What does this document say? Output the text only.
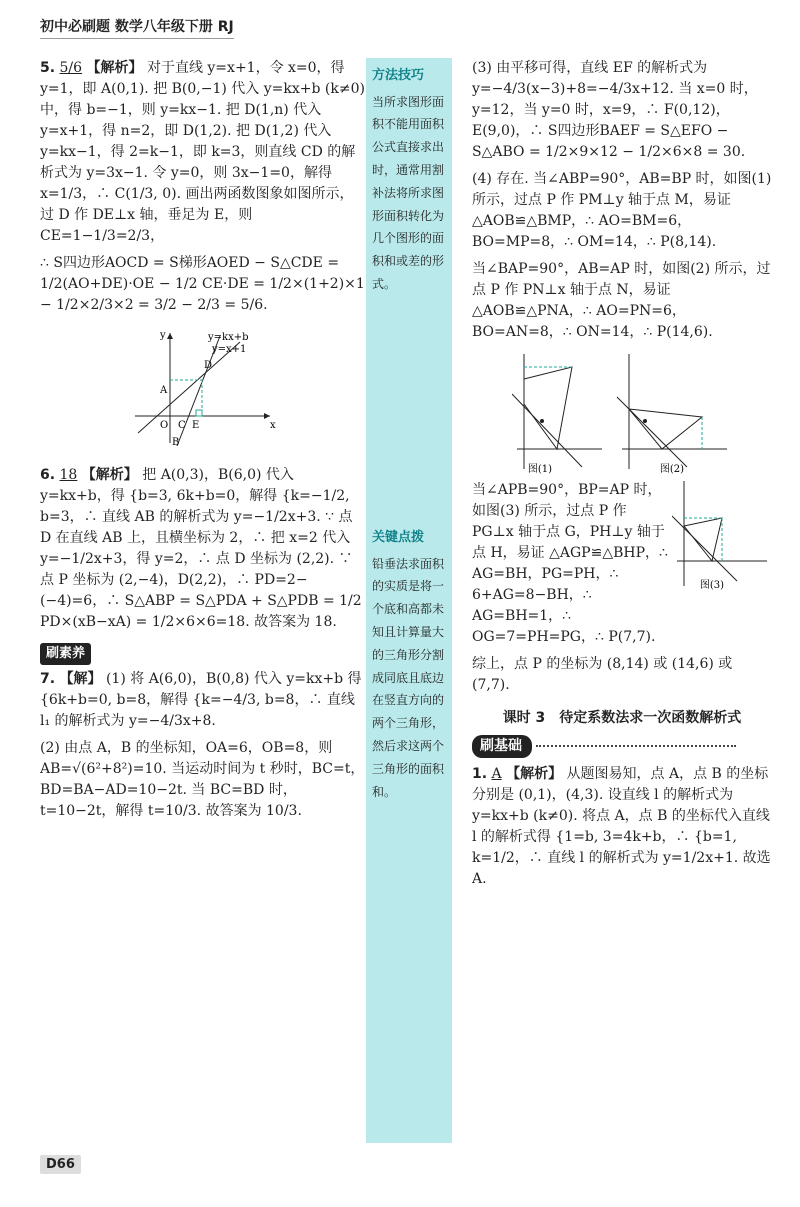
初中必刷题 数学八年级下册 RJ
5. 5/6 【解析】 对于直线 y=x+1，令 x=0，得 y=1，即 A(0,1). 把 B(0,−1) 代入 y=kx+b (k≠0) 中，得 b=−1，则 y=kx−1. 把 D(1,n) 代入 y=x+1，得 n=2，即 D(1,2). 把 D(1,2) 代入 y=kx−1，得 2=k−1，即 k=3，则直线 CD 的解析式为 y=3x−1. 令 y=0，则 3x−1=0，解得 x=1/3，∴ C(1/3, 0). 画出两函数图象如图所示，过 D 作 DE⊥x 轴，垂足为 E，则 CE=1−1/3=2/3，
∴ S四边形AOCD = S梯形AOED − S△CDE = 1/2(AO+DE)·OE − 1/2 CE·DE = 1/2×(1+2)×1 − 1/2×2/3×2 = 3/2 − 2/3 = 5/6.
y
x
y=kx+b
y=x+1
D
A
O C E
B
6. 18 【解析】 把 A(0,3)，B(6,0) 代入 y=kx+b，得 {b=3, 6k+b=0，解得 {k=−1/2, b=3，∴ 直线 AB 的解析式为 y=−1/2x+3. ∵ 点 D 在直线 AB 上，且横坐标为 2，∴ 把 x=2 代入 y=−1/2x+3，得 y=2，∴ 点 D 坐标为 (2,2). ∵ 点 P 坐标为 (2,−4)，D(2,2)，∴ PD=2−(−4)=6，∴ S△ABP = S△PDA + S△PDB = 1/2 PD×(xB−xA) = 1/2×6×6=18. 故答案为 18.
刷素养
7. 【解】 (1) 将 A(6,0)，B(0,8) 代入 y=kx+b 得 {6k+b=0, b=8，解得 {k=−4/3, b=8，∴ 直线 l₁ 的解析式为 y=−4/3x+8.
(2) 由点 A，B 的坐标知，OA=6，OB=8，则 AB=√(6²+8²)=10. 当运动时间为 t 秒时，BC=t，BD=BA−AD=10−2t. 当 BC=BD 时，t=10−2t，解得 t=10/3. 故答案为 10/3.
方法技巧
当所求图形面积不能用面积公式直接求出时，通常用割补法将所求图形面积转化为几个图形的面积和或差的形式。
关键点拨
铅垂法求面积的实质是将一个底和高都未知且计算量大的三角形分割成同底且底边在竖直方向的两个三角形，然后求这两个三角形的面积和。
(3) 由平移可得，直线 EF 的解析式为 y=−4/3(x−3)+8=−4/3x+12. 当 x=0 时，y=12，当 y=0 时，x=9，∴ F(0,12)，E(9,0)，∴ S四边形BAEF = S△EFO − S△ABO = 1/2×9×12 − 1/2×6×8 = 30.
(4) 存在. 当∠ABP=90°，AB=BP 时，如图(1) 所示，过点 P 作 PM⊥y 轴于点 M，易证 △AOB≌△BMP，∴ AO=BM=6，BO=MP=8，∴ OM=14，∴ P(8,14).
当∠BAP=90°，AB=AP 时，如图(2) 所示，过点 P 作 PN⊥x 轴于点 N，易证 △AOB≌△PNA，∴ AO=PN=6，BO=AN=8，∴ ON=14，∴ P(14,6).
图(1)	图(2)
图(3)
当∠APB=90°，BP=AP 时，如图(3) 所示，过点 P 作 PG⊥x 轴于点 G，PH⊥y 轴于点 H，易证 △AGP≌△BHP，∴ AG=BH，PG=PH，∴ 6+AG=8−BH，∴ AG=BH=1，∴ OG=7=PH=PG，∴ P(7,7).
综上，点 P 的坐标为 (8,14) 或 (14,6) 或 (7,7).
课时 3　待定系数法求一次函数解析式
刷基础
1. A 【解析】 从题图易知，点 A，点 B 的坐标分别是 (0,1)，(4,3). 设直线 l 的解析式为 y=kx+b (k≠0). 将点 A，点 B 的坐标代入直线 l 的解析式得 {1=b, 3=4k+b，∴ {b=1, k=1/2，∴ 直线 l 的解析式为 y=1/2x+1. 故选 A.
D66
